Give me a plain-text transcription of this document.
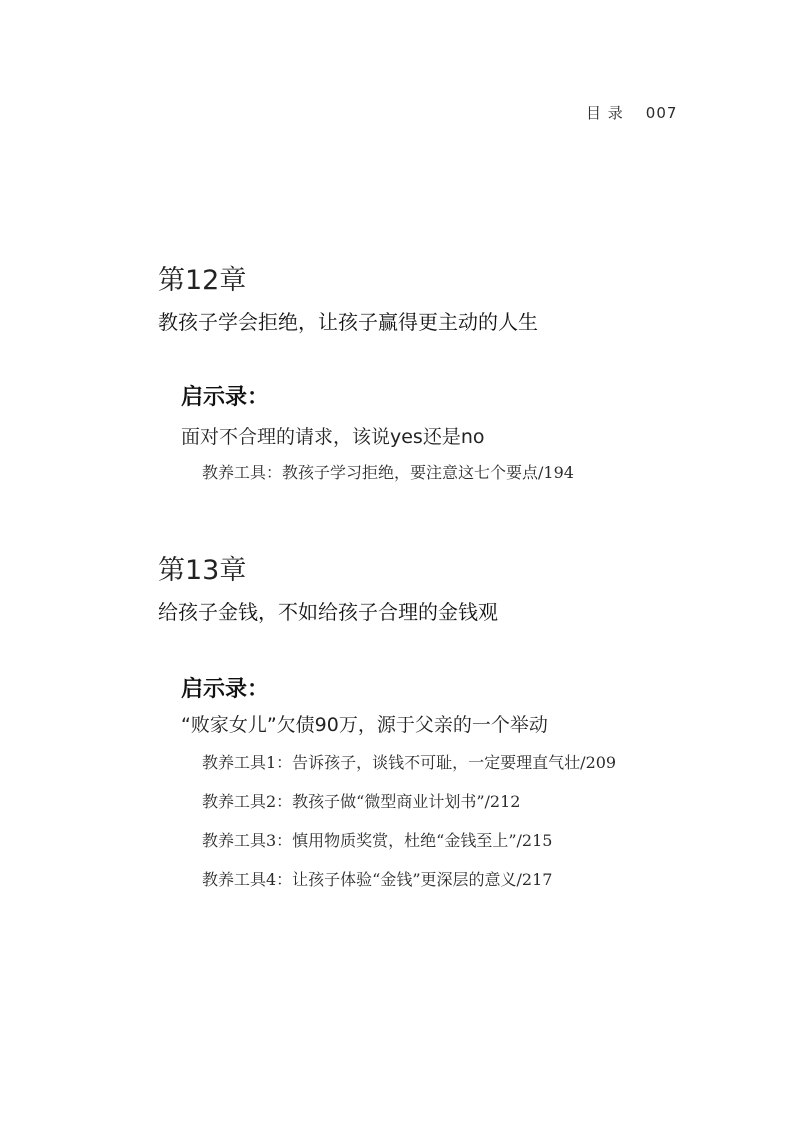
目 录 007
第12章
教孩子学会拒绝，让孩子赢得更主动的人生
启示录：
面对不合理的请求，该说yes还是no
教养工具：教孩子学习拒绝，要注意这七个要点/194
第13章
给孩子金钱，不如给孩子合理的金钱观
启示录：
“败家女儿”欠债90万，源于父亲的一个举动
教养工具1：告诉孩子，谈钱不可耻，一定要理直气壮/209
教养工具2：教孩子做“微型商业计划书”/212
教养工具3：慎用物质奖赏，杜绝“金钱至上”/215
教养工具4：让孩子体验“金钱”更深层的意义/217
